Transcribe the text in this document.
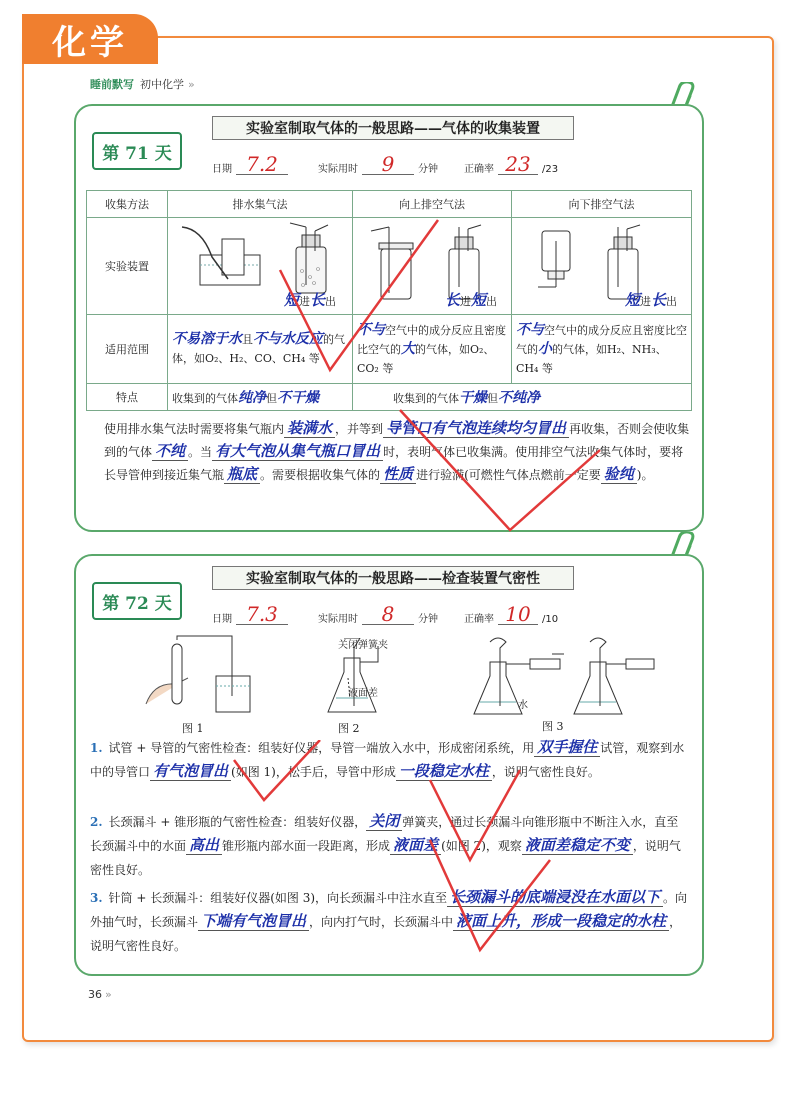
化学
睡前默写 初中化学 »
第 71 天
实验室制取气体的一般思路——气体的收集装置
日期 7.2	实际用时	9	分钟	正确率 23	/23
收集方法	排水集气法	向上排空气法	向下排空气法
实验装置	短进长出	长进短出	短进长出

适用范围	不易溶于水且不与水反应的气体，如O₂、H₂、CO、CH₄ 等	不与空气中的成分反应且密度比空气的大的气体，如O₂、CO₂ 等	不与空气中的成分反应且密度比空气的小的气体，如H₂、NH₃、CH₄ 等
特点	收集到的气体纯净但不干燥	收集到的气体干燥但不纯净	
使用排水集气法时需要将集气瓶内 装满水 ，并等到 导管口有气泡连续均匀冒出 再收集，否则会使收集到的气体 不纯 。当 有大气泡从集气瓶口冒出 时，表明气体已收集满。使用排空气法收集气体时，要将长导管伸到接近集气瓶 瓶底 。需要根据收集气体的 性质 进行验满(可燃性气体点燃前一定要 验纯 )。
第 72 天
实验室制取气体的一般思路——检查装置气密性
日期 7.3	实际用时	8	分钟	正确率 10	/10
关闭弹簧夹
液面差
水
图 1	图 2	图 3
1. 试管 + 导管的气密性检查：组装好仪器，导管一端放入水中，形成密闭系统，用 双手握住 试管，观察到水中的导管口 有气泡冒出 (如图 1)，松手后，导管中形成 一段稳定水柱 ，说明气密性良好。
2. 长颈漏斗 + 锥形瓶的气密性检查：组装好仪器， 关闭 弹簧夹，通过长颈漏斗向锥形瓶中不断注入水，直至长颈漏斗中的水面 高出 锥形瓶内部水面一段距离，形成 液面差 (如图 2)，观察 液面差稳定不变 ，说明气密性良好。
3. 针筒 + 长颈漏斗：组装好仪器(如图 3)，向长颈漏斗中注水直至 长颈漏斗的底端浸没在水面以下 。向外抽气时，长颈漏斗 下端有气泡冒出 ，向内打气时，长颈漏斗中 液面上升，形成一段稳定的水柱 ，说明气密性良好。
36 »
